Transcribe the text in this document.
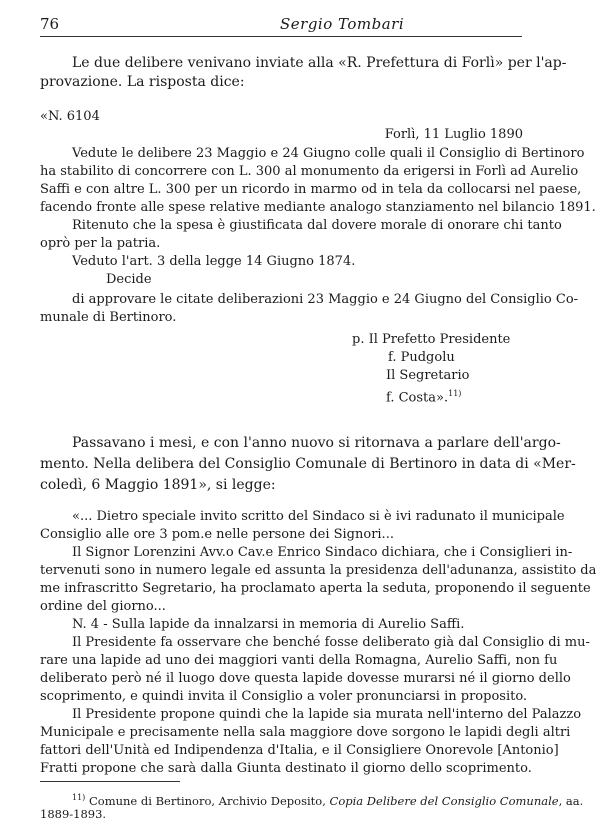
76	Sergio Tombari
Le due delibere venivano inviate alla «R. Prefettura di Forlì» per l'ap-
provazione. La risposta dice:
«N. 6104
Forlì, 11 Luglio 1890
Vedute le delibere 23 Maggio e 24 Giugno colle quali il Consiglio di Bertinoro
ha stabilito di concorrere con L. 300 al monumento da erigersi in Forlì ad Aurelio
Saffi e con altre L. 300 per un ricordo in marmo od in tela da collocarsi nel paese,
facendo fronte alle spese relative mediante analogo stanziamento nel bilancio 1891.
Ritenuto che la spesa è giustificata dal dovere morale di onorare chi tanto
oprò per la patria.
Veduto l'art. 3 della legge 14 Giugno 1874.
Decide
di approvare le citate deliberazioni 23 Maggio e 24 Giugno del Consiglio Co-
munale di Bertinoro.
p. Il Prefetto Presidente
f. Pudgolu
Il Segretario
f. Costa».$^{11)}$
Passavano i mesi, e con l'anno nuovo si ritornava a parlare dell'argo-
mento. Nella delibera del Consiglio Comunale di Bertinoro in data di «Mer-
coledì, 6 Maggio 1891», si legge:
«... Dietro speciale invito scritto del Sindaco si è ivi radunato il municipale
Consiglio alle ore 3 pom.e nelle persone dei Signori...
Il Signor Lorenzini Avv.o Cav.e Enrico Sindaco dichiara, che i Consiglieri in-
tervenuti sono in numero legale ed assunta la presidenza dell'adunanza, assistito da
me infrascritto Segretario, ha proclamato aperta la seduta, proponendo il seguente
ordine del giorno...
N. 4 - Sulla lapide da innalzarsi in memoria di Aurelio Saffi.
Il Presidente fa osservare che benché fosse deliberato già dal Consiglio di mu-
rare una lapide ad uno dei maggiori vanti della Romagna, Aurelio Saffi, non fu
deliberato però né il luogo dove questa lapide dovesse murarsi né il giorno dello
scoprimento, e quindi invita il Consiglio a voler pronunciarsi in proposito.
Il Presidente propone quindi che la lapide sia murata nell'interno del Palazzo
Municipale e precisamente nella sala maggiore dove sorgono le lapidi degli altri
fattori dell'Unità ed Indipendenza d'Italia, e il Consigliere Onorevole [Antonio]
Fratti propone che sarà dalla Giunta destinato il giorno dello scoprimento.
$^{11)}$ Comune di Bertinoro, Archivio Deposito, Copia Delibere del Consiglio Comunale, aa.
1889-1893.
